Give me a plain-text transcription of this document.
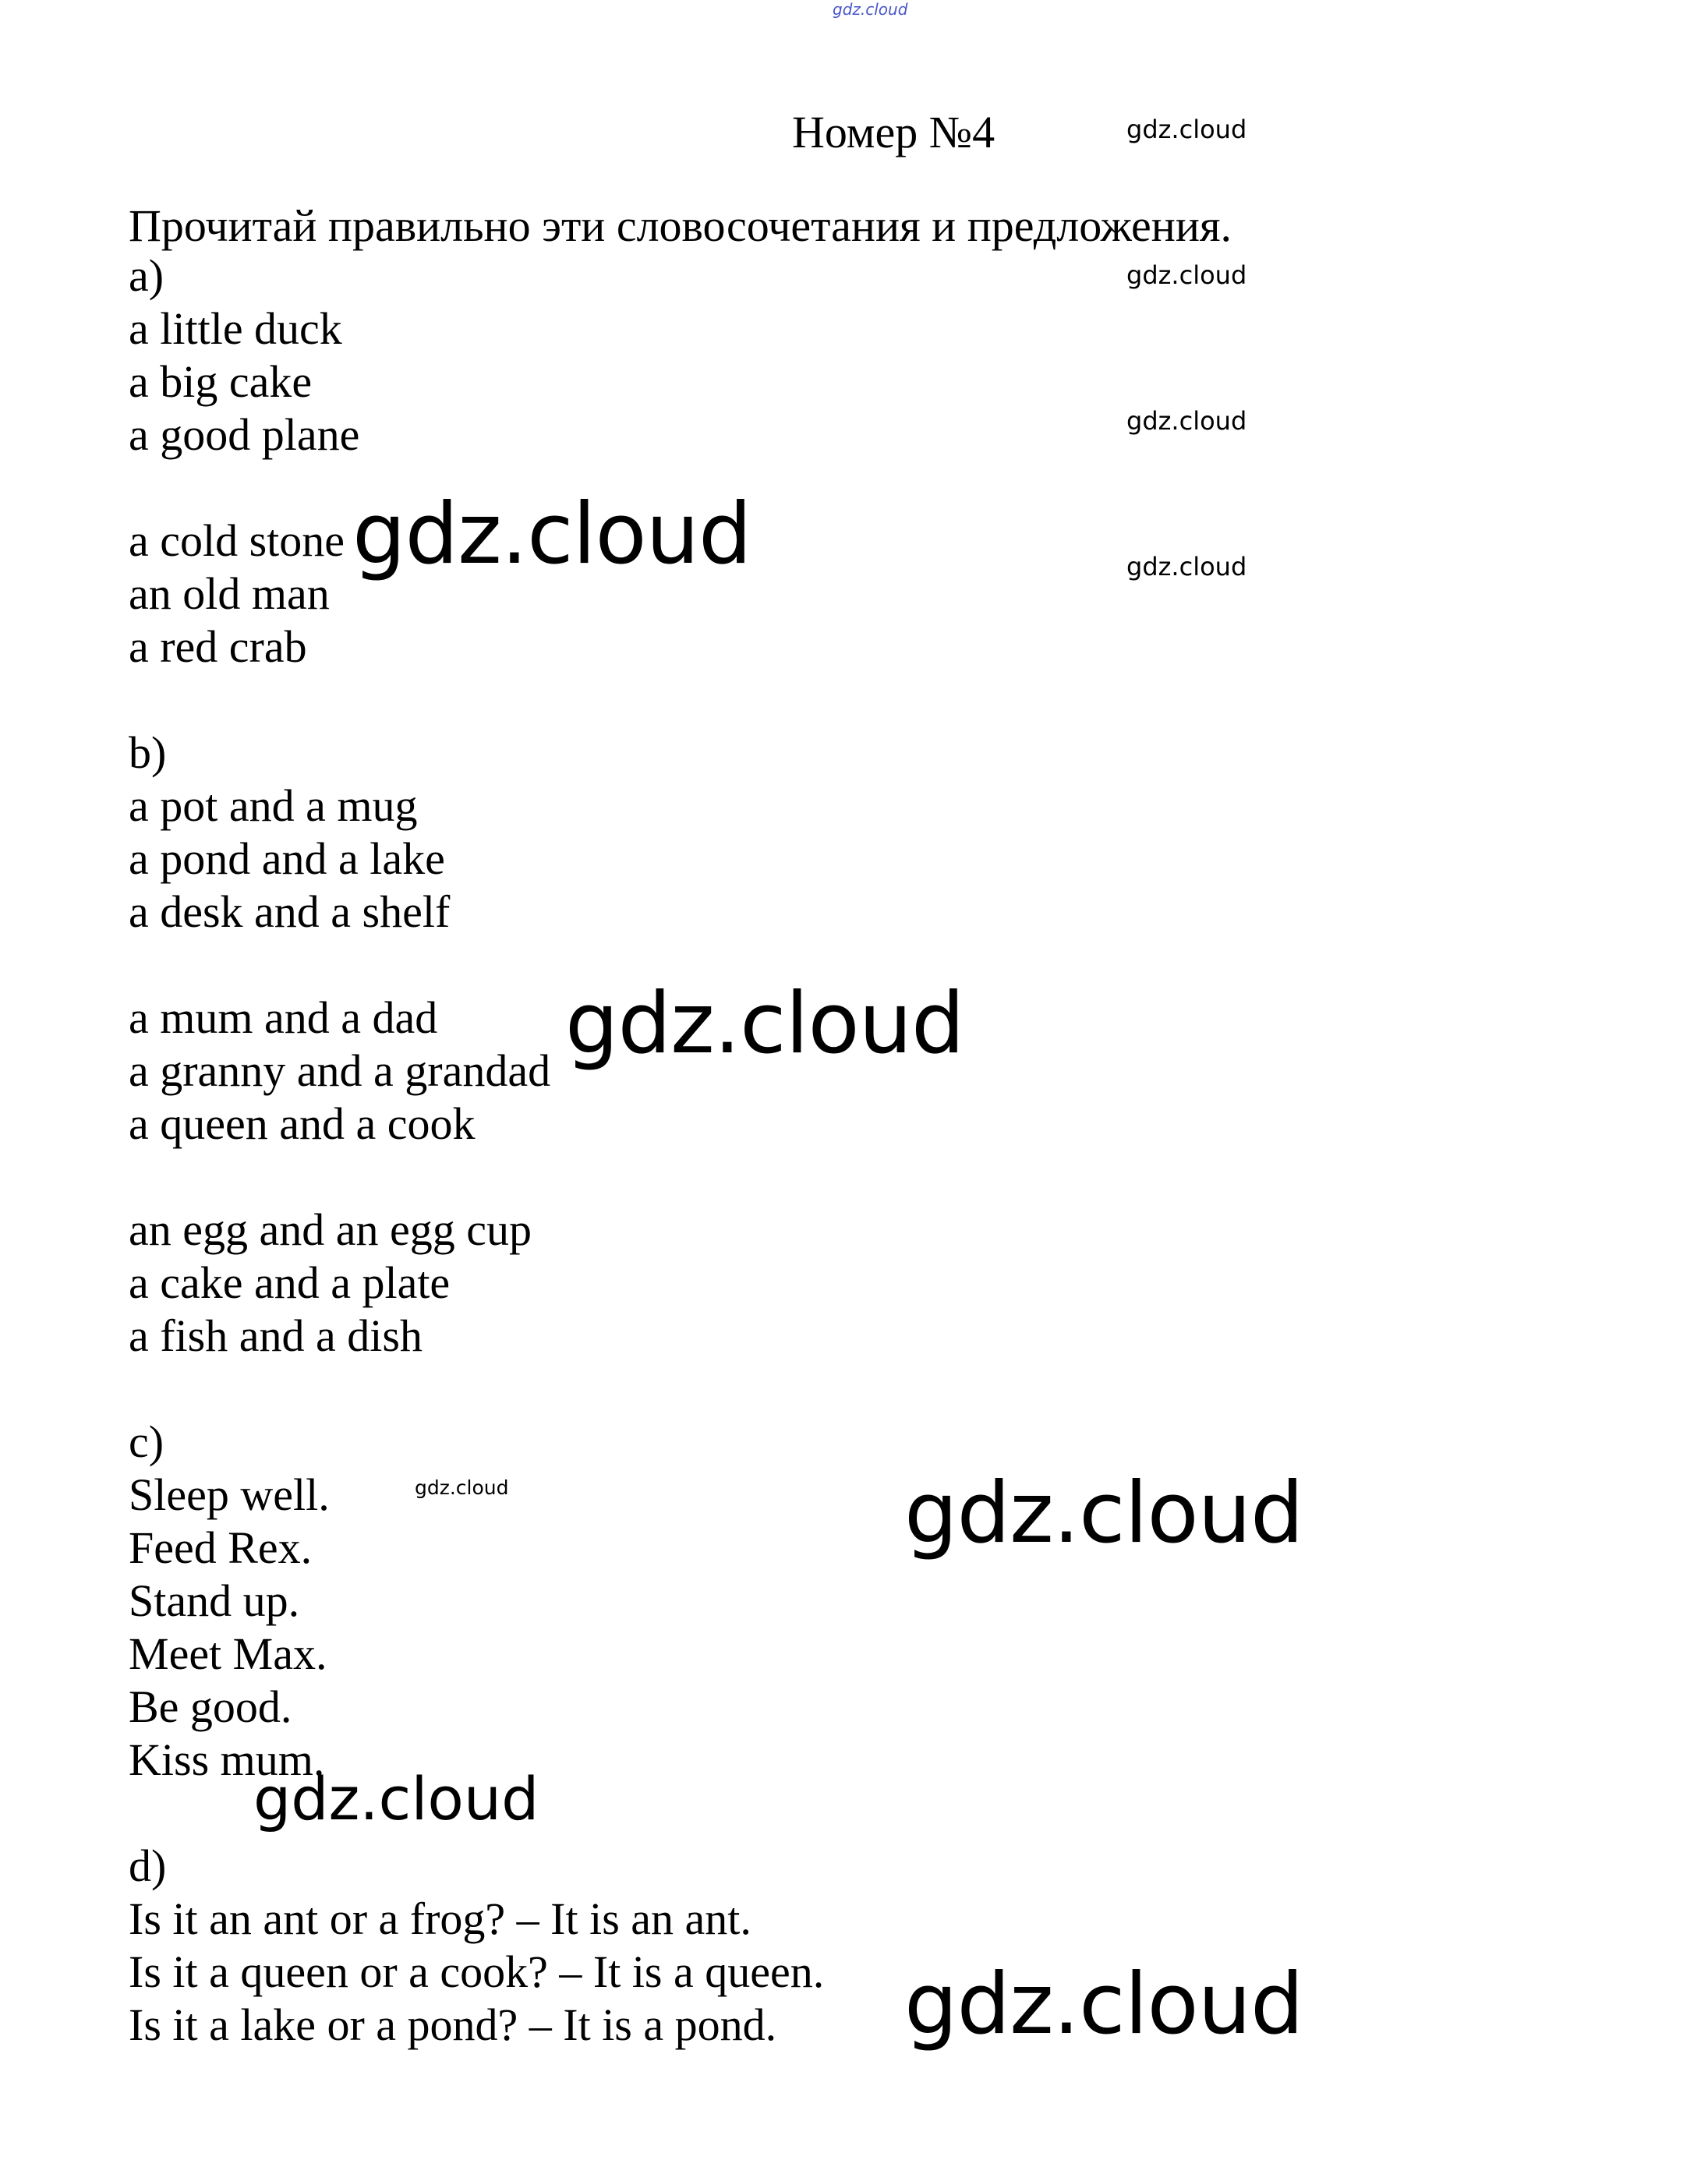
gdz.cloud
Номер №4
Прочитай правильно эти словосочетания и предложения.
a)
a little duck
a big cake
a good plane
a cold stone
an old man
a red crab
b)
a pot and a mug
a pond and a lake
a desk and a shelf
a mum and a dad
a granny and a grandad
a queen and a cook
an egg and an egg cup
a cake and a plate
a fish and a dish
c)
Sleep well.
Feed Rex.
Stand up.
Meet Max.
Be good.
Kiss mum.
d)
Is it an ant or a frog? – It is an ant.
Is it a queen or a cook? – It is a queen.
Is it a lake or a pond? – It is a pond.
gdz.cloud
gdz.cloud
gdz.cloud
gdz.cloud
gdz.cloud
gdz.cloud
gdz.cloud	gdz.cloud
gdz.cloud
gdz.cloud
